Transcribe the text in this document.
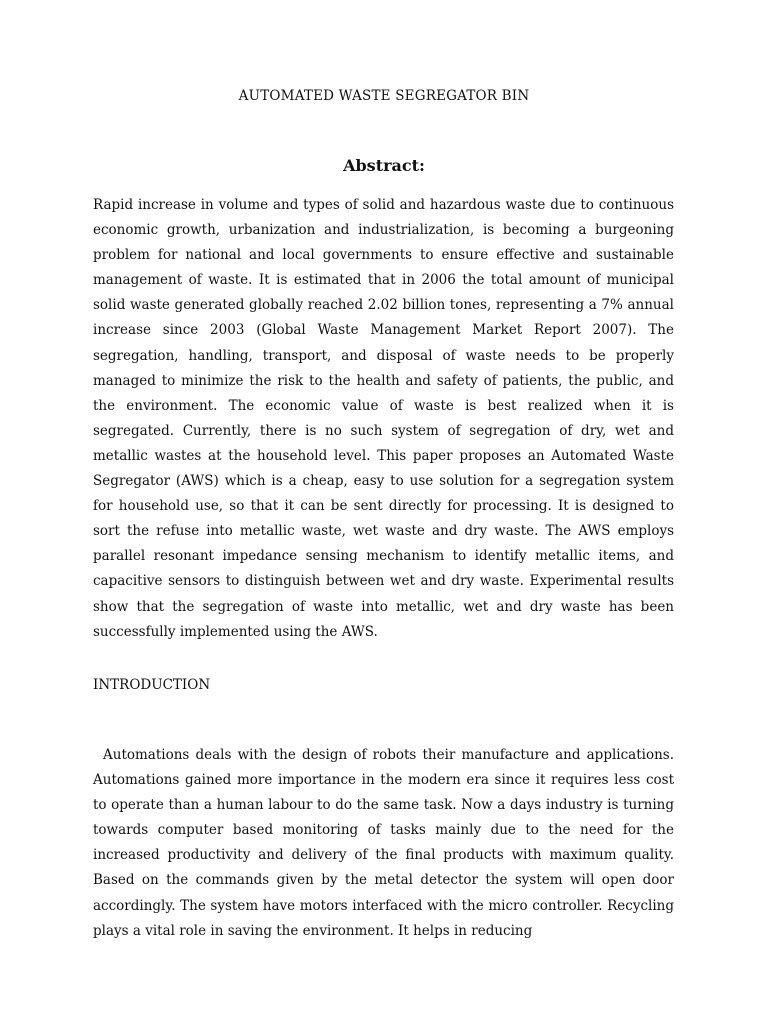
AUTOMATED WASTE SEGREGATOR BIN
Abstract:

Rapid increase in volume and types of solid and hazardous waste due to continuous economic growth, urbanization and industrialization, is becoming a burgeoning problem for national and local governments to ensure effective and sustainable management of waste. It is estimated that in 2006 the total amount of municipal solid waste generated globally reached 2.02 billion tones, representing a 7% annual increase since 2003 (Global Waste Management Market Report 2007). The segregation, handling, transport, and disposal of waste needs to be properly managed to minimize the risk to the health and safety of patients, the public, and the environment. The economic value of waste is best realized when it is segregated. Currently, there is no such system of segregation of dry, wet and metallic wastes at the household level. This paper proposes an Automated Waste Segregator (AWS) which is a cheap, easy to use solution for a segregation system for household use, so that it can be sent directly for processing. It is designed to sort the refuse into metallic waste, wet waste and dry waste. The AWS employs parallel resonant impedance sensing mechanism to identify metallic items, and capacitive sensors to distinguish between wet and dry waste. Experimental results show that the segregation of waste into metallic, wet and dry waste has been successfully implemented using the AWS.

INTRODUCTION

Automations deals with the design of robots their manufacture and applications. Automations gained more importance in the modern era since it requires less cost to operate than a human labour to do the same task. Now a days industry is turning towards computer based monitoring of tasks mainly due to the need for the increased productivity and delivery of the final products with maximum quality. Based on the commands given by the metal detector the system will open door accordingly. The system have motors interfaced with the micro controller. Recycling plays a vital role in saving the environment. It helps in reducing
